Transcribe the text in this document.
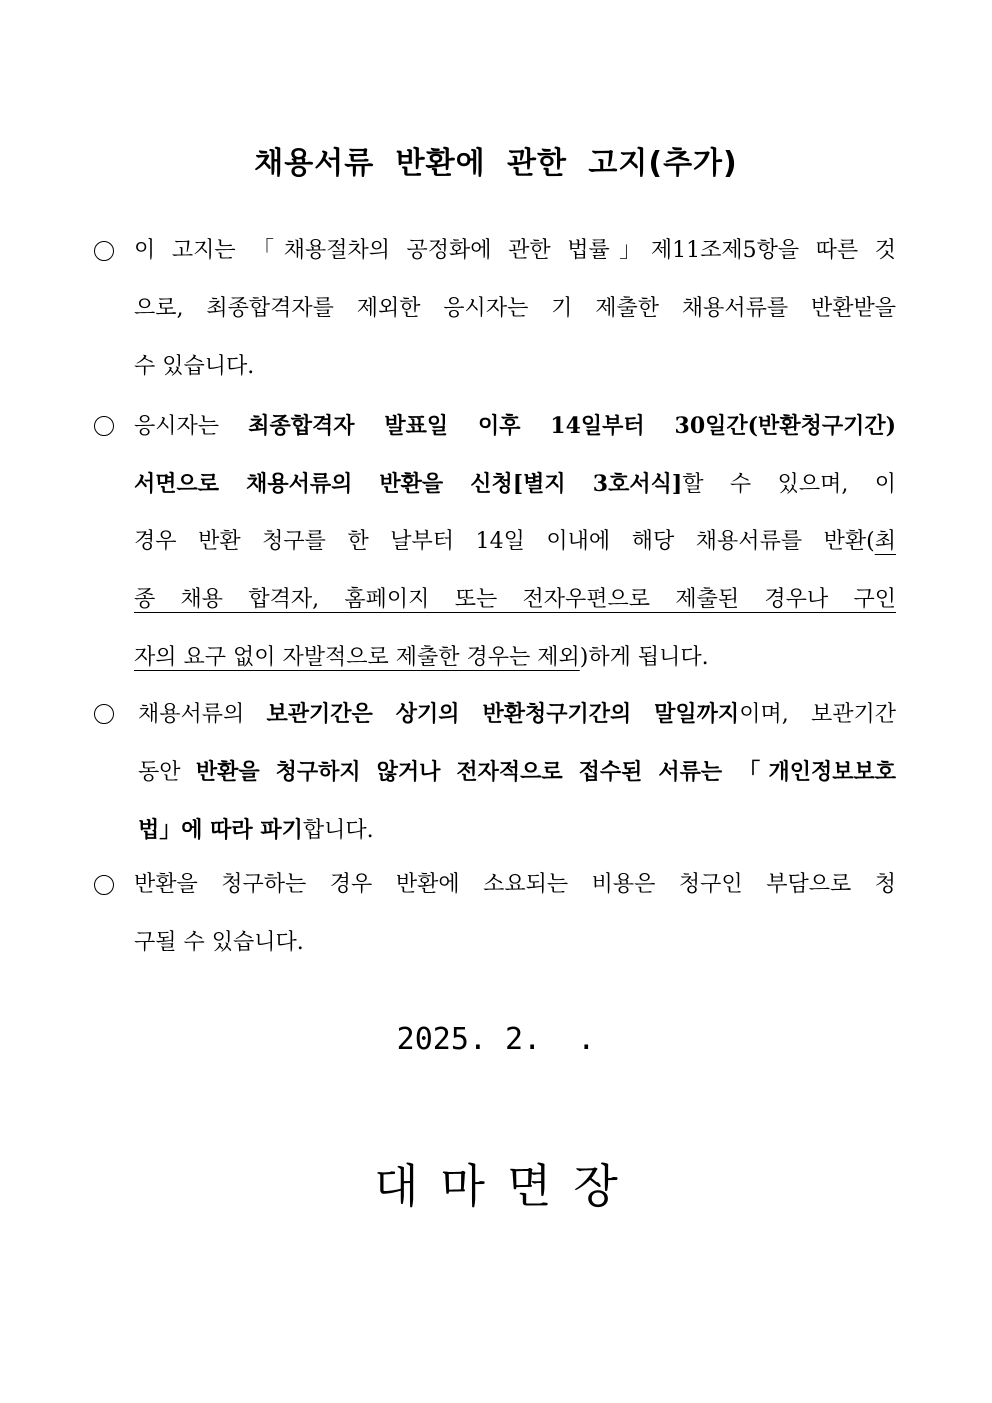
채용서류 반환에 관한 고지(추가)
이 고지는 「채용절차의 공정화에 관한 법률」제11조제5항을 따른 것
으로, 최종합격자를 제외한 응시자는 기 제출한 채용서류를 반환받을
수 있습니다.
응시자는 최종합격자 발표일 이후 14일부터 30일간(반환청구기간)
서면으로 채용서류의 반환을 신청[별지 3호서식]할 수 있으며, 이
경우 반환 청구를 한 날부터 14일 이내에 해당 채용서류를 반환(최
종 채용 합격자, 홈페이지 또는 전자우편으로 제출된 경우나 구인
자의 요구 없이 자발적으로 제출한 경우는 제외)하게 됩니다.
채용서류의 보관기간은 상기의 반환청구기간의 말일까지이며, 보관기간
동안 반환을 청구하지 않거나 전자적으로 접수된 서류는 「개인정보보호
법」에 따라 파기합니다.
반환을 청구하는 경우 반환에 소요되는 비용은 청구인 부담으로 청
구될 수 있습니다.
2025. 2.  .
대마면장
